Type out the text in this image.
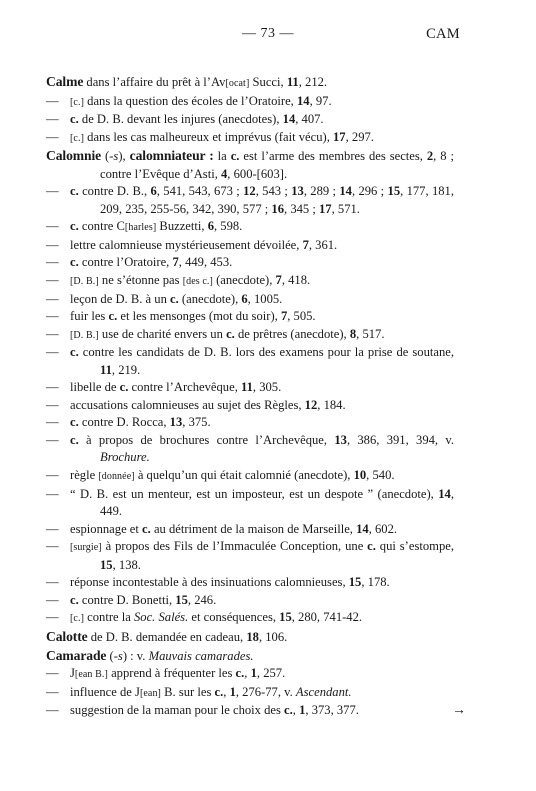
— 73 —	CAM
Calme dans l’affaire du prêt à l’Av[ocat] Succi, 11, 212.
— [c.] dans la question des écoles de l’Oratoire, 14, 97.
— c. de D. B. devant les injures (anecdotes), 14, 407.
— [c.] dans les cas malheureux et imprévus (fait vécu), 17, 297.
Calomnie (-s), calomniateur : la c. est l’arme des membres des sectes, 2, 8 ; contre l’Evêque d’Asti, 4, 600-[603].
— c. contre D. B., 6, 541, 543, 673 ; 12, 543 ; 13, 289 ; 14, 296 ; 15, 177, 181, 209, 235, 255-56, 342, 390, 577 ; 16, 345 ; 17, 571.
— c. contre C[harles] Buzzetti, 6, 598.
— lettre calomnieuse mystérieusement dévoilée, 7, 361.
— c. contre l’Oratoire, 7, 449, 453.
— [D. B.] ne s’étonne pas [des c.] (anecdote), 7, 418.
— leçon de D. B. à un c. (anecdote), 6, 1005.
— fuir les c. et les mensonges (mot du soir), 7, 505.
— [D. B.] use de charité envers un c. de prêtres (anecdote), 8, 517.
— c. contre les candidats de D. B. lors des examens pour la prise de soutane, 11, 219.
— libelle de c. contre l’Archevêque, 11, 305.
— accusations calomnieuses au sujet des Règles, 12, 184.
— c. contre D. Rocca, 13, 375.
— c. à propos de brochures contre l’Archevêque, 13, 386, 391, 394, v. Brochure.
— règle [donnée] à quelqu’un qui était calomnié (anecdote), 10, 540.
— “ D. B. est un menteur, est un imposteur, est un despote ” (anecdote), 14, 449.
— espionnage et c. au détriment de la maison de Marseille, 14, 602.
— [surgie] à propos des Fils de l’Immaculée Conception, une c. qui s’estompe, 15, 138.
— réponse incontestable à des insinuations calomnieuses, 15, 178.
— c. contre D. Bonetti, 15, 246.
— [c.] contre la Soc. Salés. et conséquences, 15, 280, 741-42.
Calotte de D. B. demandée en cadeau, 18, 106.
Camarade (-s) : v. Mauvais camarades.
— J[ean B.] apprend à fréquenter les c., 1, 257.
— influence de J[ean] B. sur les c., 1, 276-77, v. Ascendant.
— suggestion de la maman pour le choix des c., 1, 373, 377.	→
